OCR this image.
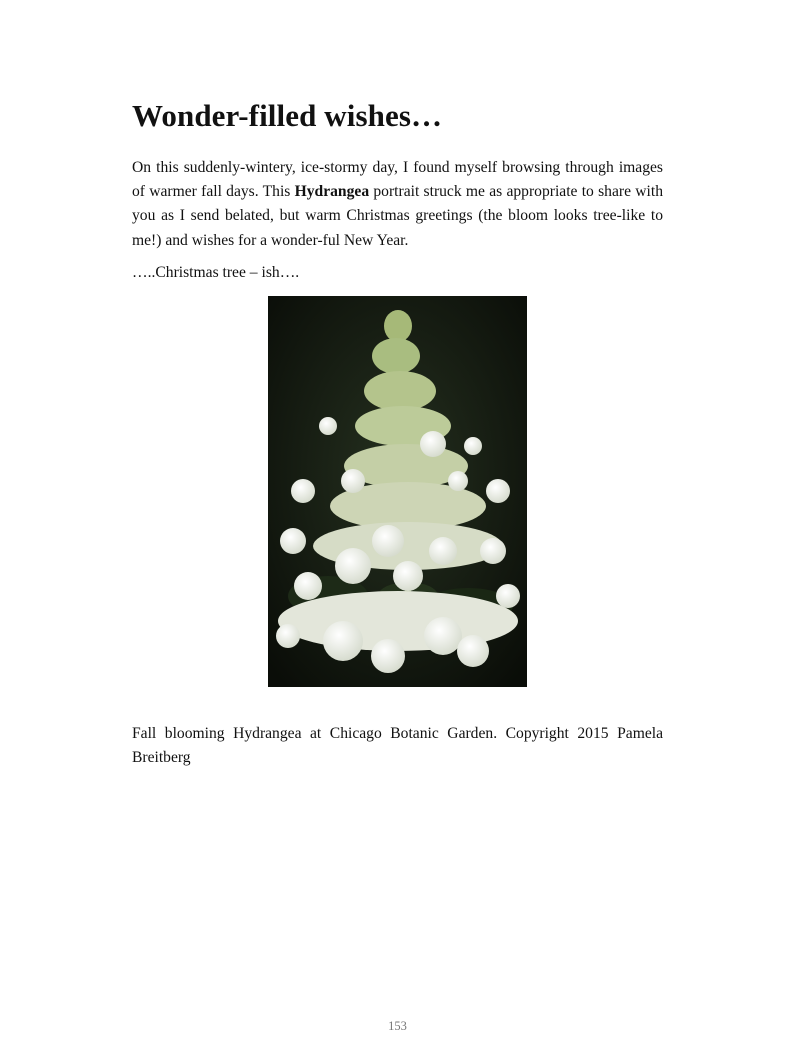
Wonder-filled wishes…

On this suddenly-wintery, ice-stormy day, I found myself browsing through images of warmer fall days. This Hydrangea portrait struck me as appropriate to share with you as I send belated, but warm Christmas greetings (the bloom looks tree-like to me!) and wishes for a wonder-ful New Year.

…..Christmas tree – ish….

Fall blooming Hydrangea at Chicago Botanic Garden. Copyright 2015 Pamela Breitberg

153
